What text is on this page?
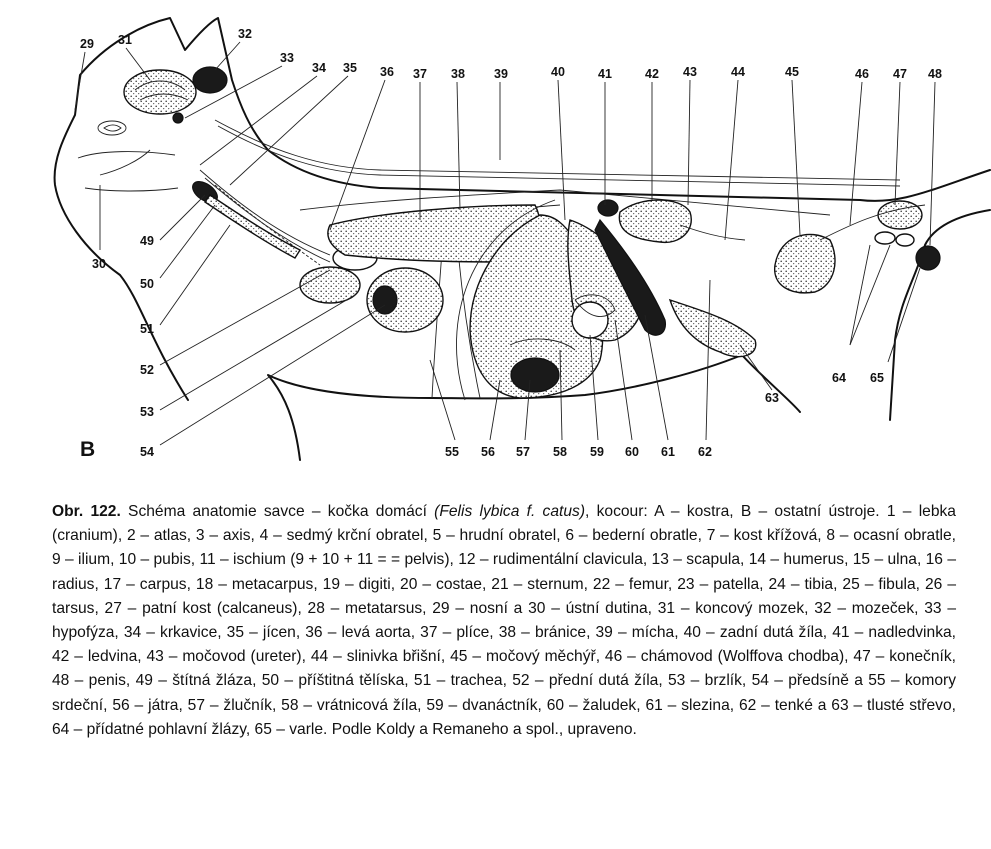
29
30
31	32
33
34 35 36 37 38 39	40	41	42 43	44	45	46 47 48
49
50
51
52
53
54	55 56 57 58 59 60 61 62
63
64 65
B
Obr. 122. Schéma anatomie savce – kočka domácí (Felis lybica f. catus), kocour: A – kostra, B – ostatní ústroje. 1 – lebka (cranium), 2 – atlas, 3 – axis, 4 – sedmý krční obratel, 5 – hrudní obratel, 6 – bederní obratle, 7 – kost křížová, 8 – ocasní obratle, 9 – ilium, 10 – pubis, 11 – ischium (9 + 10 + 11 = = pelvis), 12 – rudimentální clavicula, 13 – scapula, 14 – humerus, 15 – ulna, 16 – radius, 17 – carpus, 18 – metacarpus, 19 – digiti, 20 – costae, 21 – sternum, 22 – femur, 23 – patella, 24 – tibia, 25 – fibula, 26 – tarsus, 27 – patní kost (calcaneus), 28 – metatarsus, 29 – nosní a 30 – ústní dutina, 31 – koncový mozek, 32 – mozeček, 33 – hypofýza, 34 – krkavice, 35 – jícen, 36 – levá aorta, 37 – plíce, 38 – bránice, 39 – mícha, 40 – zadní dutá žíla, 41 – nadledvinka, 42 – ledvina, 43 – močovod (ureter), 44 – slinivka břišní, 45 – močový měchýř, 46 – chámovod (Wolffova chodba), 47 – konečník, 48 – penis, 49 – štítná žláza, 50 – příštitná tělíska, 51 – trachea, 52 – přední dutá žíla, 53 – brzlík, 54 – předsíně a 55 – komory srdeční, 56 – játra, 57 – žlučník, 58 – vrátnicová žíla, 59 – dvanáctník, 60 – žaludek, 61 – slezina, 62 – tenké a 63 – tlusté střevo, 64 – přídatné pohlavní žlázy, 65 – varle. Podle Koldy a Remaneho a spol., upraveno.
